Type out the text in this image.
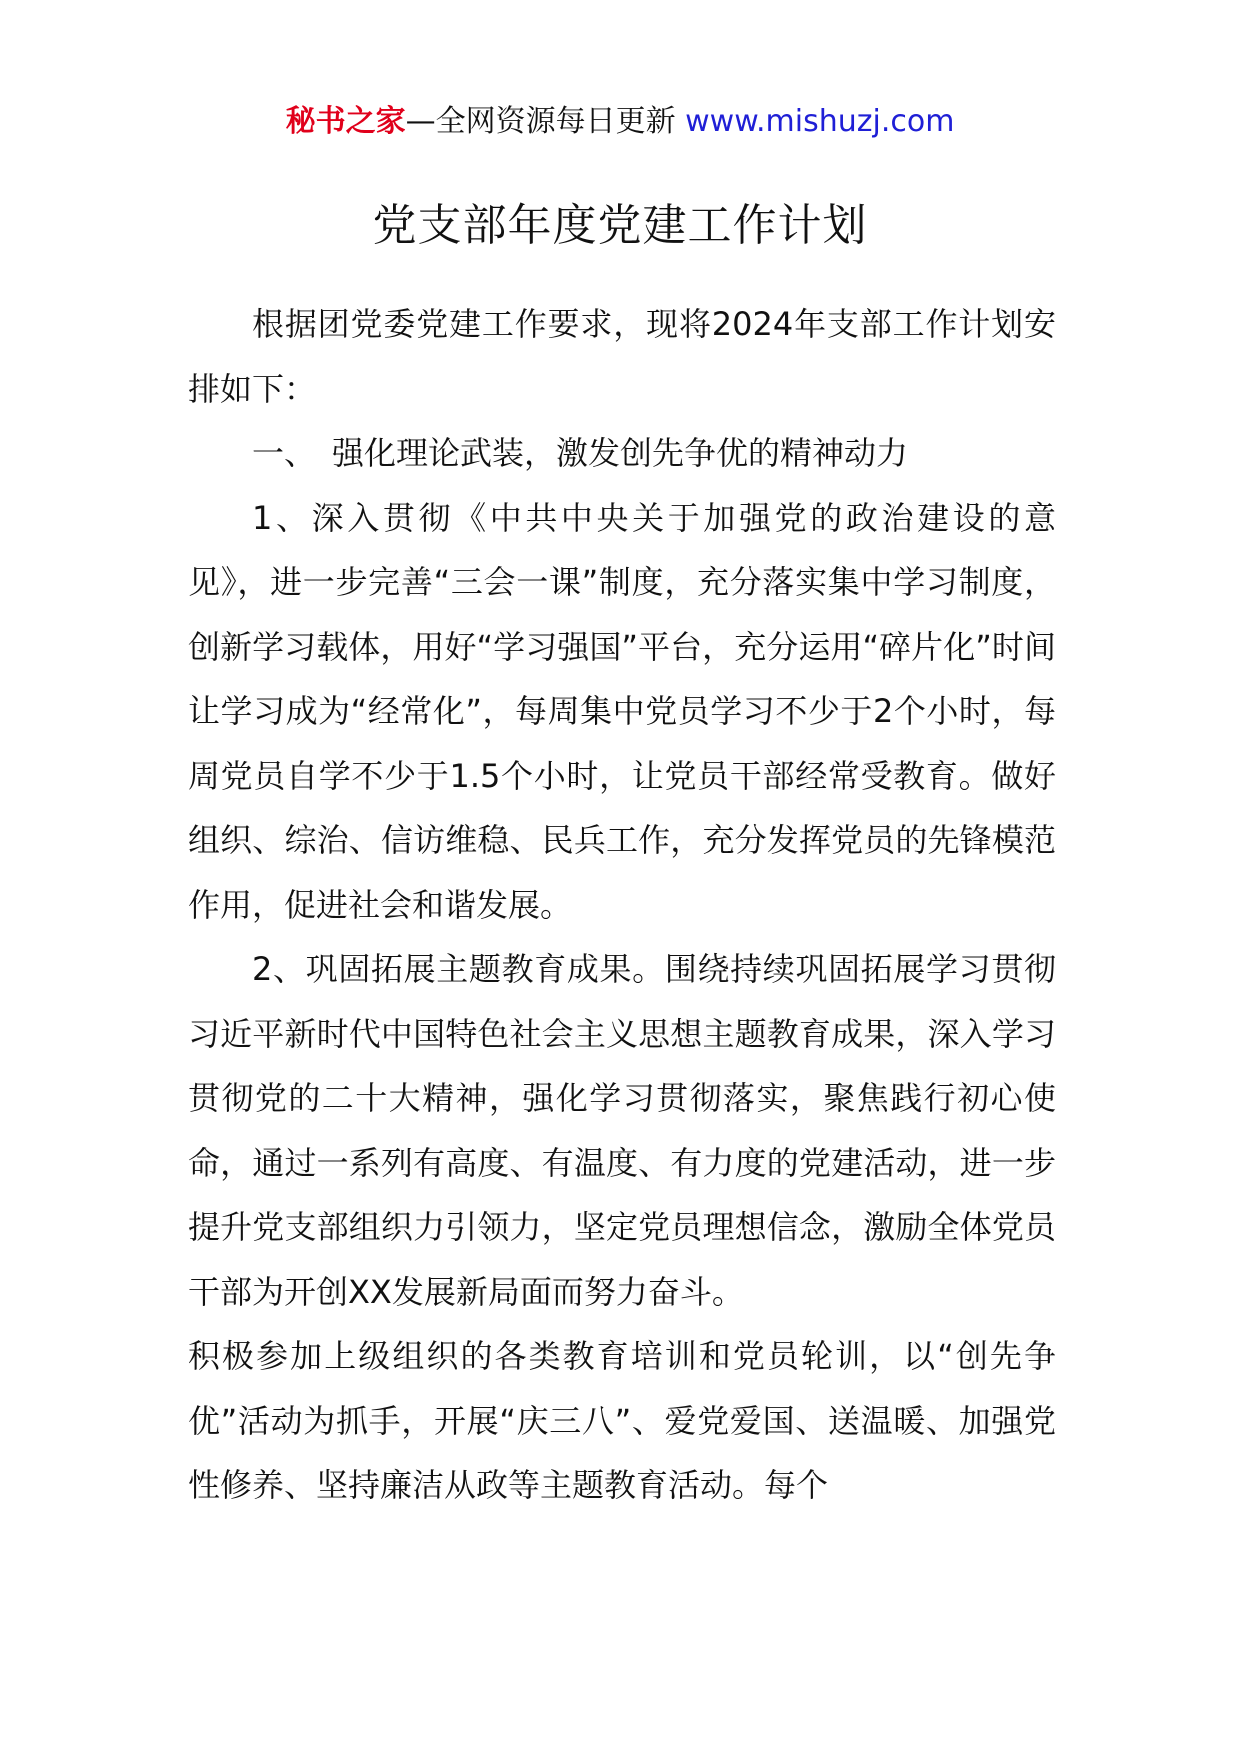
秘书之家—全网资源每日更新 www.mishuzj.com
党支部年度党建工作计划

根据团党委党建工作要求，现将2024年支部工作计划安排如下：

一、　强化理论武装，激发创先争优的精神动力

1、深入贯彻《中共中央关于加强党的政治建设的意见》，进一步完善“三会一课”制度，充分落实集中学习制度，创新学习载体，用好“学习强国”平台，充分运用“碎片化”时间让学习成为“经常化”，每周集中党员学习不少于2个小时，每周党员自学不少于1.5个小时，让党员干部经常受教育。做好组织、综治、信访维稳、民兵工作，充分发挥党员的先锋模范作用，促进社会和谐发展。

2、巩固拓展主题教育成果。围绕持续巩固拓展学习贯彻习近平新时代中国特色社会主义思想主题教育成果，深入学习贯彻党的二十大精神，强化学习贯彻落实，聚焦践行初心使命，通过一系列有高度、有温度、有力度的党建活动，进一步提升党支部组织力引领力，坚定党员理想信念，激励全体党员干部为开创XX发展新局面而努力奋斗。

积极参加上级组织的各类教育培训和党员轮训，以“创先争优”活动为抓手，开展“庆三八”、爱党爱国、送温暖、加强党性修养、坚持廉洁从政等主题教育活动。每个
